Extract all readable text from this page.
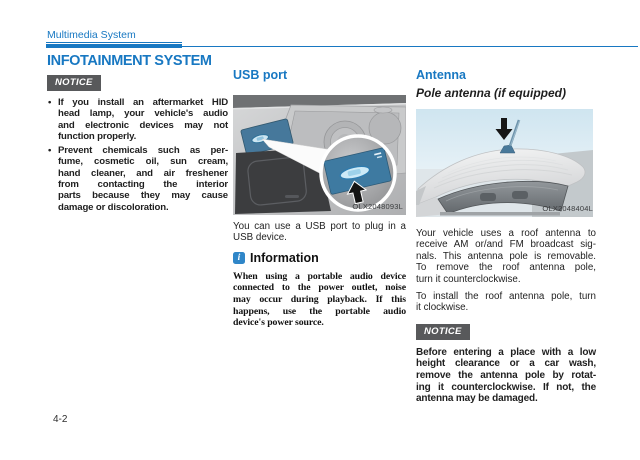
Multimedia System
INFOTAINMENT SYSTEM
NOTICE
• If you install an aftermarket HID
head lamp, your vehicle's audio
and electronic devices may not
function properly.
• Prevent chemicals such as per-
fume, cosmetic oil, sun cream,
hand cleaner, and air freshener
from contacting the interior
parts because they may cause
damage or discoloration.
USB port
OLX2048093L
You can use a USB port to plug in a
USB device.
i Information
When using a portable audio device
connected to the power outlet, noise
may occur during playback. If this
happens, use the portable audio
device's power source.
Antenna
Pole antenna (if equipped)
OLX2048404L
Your vehicle uses a roof antenna to
receive AM or/and FM broadcast sig-
nals. This antenna pole is removable.
To remove the roof antenna pole,
turn it counterclockwise.
To install the roof antenna pole, turn
it clockwise.
NOTICE
Before entering a place with a low
height clearance or a car wash,
remove the antenna pole by rotat-
ing it counterclockwise. If not, the
antenna may be damaged.
4-2
